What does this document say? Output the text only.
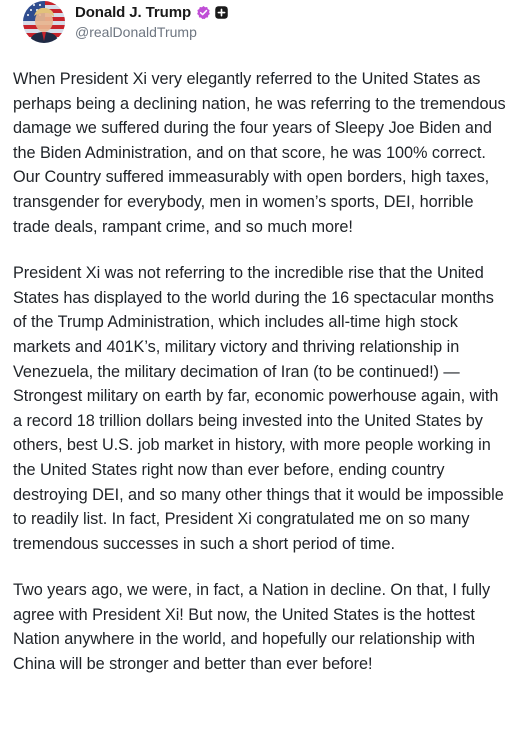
Donald J. Trump
@realDonaldTrump

When President Xi very elegantly referred to the United States as perhaps being a declining nation, he was referring to the tremendous damage we suffered during the four years of Sleepy Joe Biden and the Biden Administration, and on that score, he was 100% correct. Our Country suffered immeasurably with open borders, high taxes, transgender for everybody, men in women’s sports, DEI, horrible trade deals, rampant crime, and so much more!

President Xi was not referring to the incredible rise that the United States has displayed to the world during the 16 spectacular months of the Trump Administration, which includes all-time high stock markets and 401K’s, military victory and thriving relationship in Venezuela, the military decimation of Iran (to be continued!) — Strongest military on earth by far, economic powerhouse again, with a record 18 trillion dollars being invested into the United States by others, best U.S. job market in history, with more people working in the United States right now than ever before, ending country destroying DEI, and so many other things that it would be impossible to readily list. In fact, President Xi congratulated me on so many tremendous successes in such a short period of time.

Two years ago, we were, in fact, a Nation in decline. On that, I fully agree with President Xi! But now, the United States is the hottest Nation anywhere in the world, and hopefully our relationship with China will be stronger and better than ever before!
